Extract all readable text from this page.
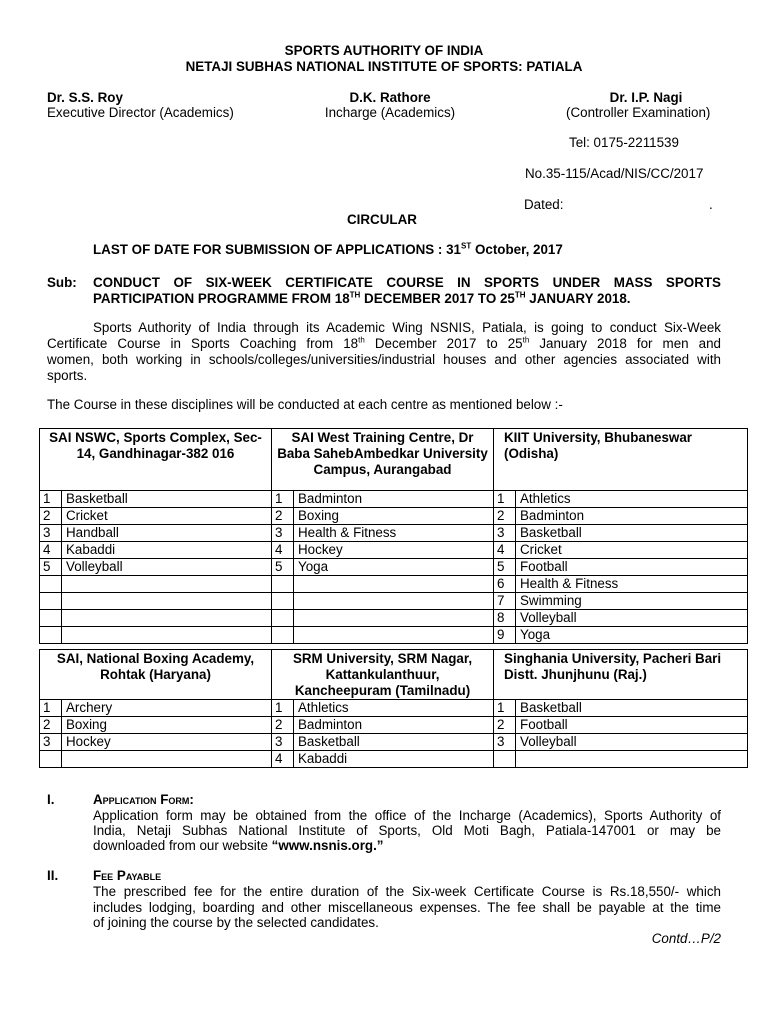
SPORTS AUTHORITY OF INDIA
NETAJI SUBHAS NATIONAL INSTITUTE OF SPORTS: PATIALA
Dr. S.S. Roy
Executive Director (Academics)
D.K. Rathore
Incharge (Academics)
Dr. I.P. Nagi
(Controller Examination)
Tel: 0175-2211539
No.35-115/Acad/NIS/CC/2017
Dated:	.
CIRCULAR
LAST OF DATE FOR SUBMISSION OF APPLICATIONS : 31ST October, 2017
Sub: CONDUCT OF SIX-WEEK CERTIFICATE COURSE IN SPORTS UNDER MASS SPORTS
PARTICIPATION PROGRAMME FROM 18TH DECEMBER 2017 TO 25TH JANUARY 2018.
Sports Authority of India through its Academic Wing NSNIS, Patiala, is going to conduct Six-Week
Certificate Course in Sports Coaching from 18th December 2017 to 25th January 2018 for men and
women, both working in schools/colleges/universities/industrial houses and other agencies associated with
sports.
The Course in these disciplines will be conducted at each centre as mentioned below :-
SAI NSWC, Sports Complex, Sec-14, Gandhinagar-382 016		SAI West Training Centre, Dr Baba SahebAmbedkar University Campus, Aurangabad		KIIT University, Bhubaneswar (Odisha)	
1	Basketball	1	Badminton	1	Athletics
2	Cricket	2	Boxing	2	Badminton
3	Handball	3	Health & Fitness	3	Basketball
4	Kabaddi	4	Hockey	4	Cricket
5	Volleyball	5	Yoga	5	Football
				6	Health & Fitness
				7	Swimming
				8	Volleyball
				9	Yoga
SAI, National Boxing Academy, Rohtak (Haryana)		SRM University, SRM Nagar, Kattankulanthuur, Kancheepuram (Tamilnadu)		Singhania University, Pacheri Bari Distt. Jhunjhunu (Raj.)	
1	Archery	1	Athletics	1	Basketball
2	Boxing	2	Badminton	2	Football
3	Hockey	3	Basketball	3	Volleyball
		4	Kabaddi		
I.	Application Form:
Application form may be obtained from the office of the Incharge (Academics), Sports Authority of
India, Netaji Subhas National Institute of Sports, Old Moti Bagh, Patiala-147001 or may be
downloaded from our website “www.nsnis.org.”
II.	Fee Payable
The prescribed fee for the entire duration of the Six-week Certificate Course is Rs.18,550/- which
includes lodging, boarding and other miscellaneous expenses. The fee shall be payable at the time
of joining the course by the selected candidates.
Contd…P/2
